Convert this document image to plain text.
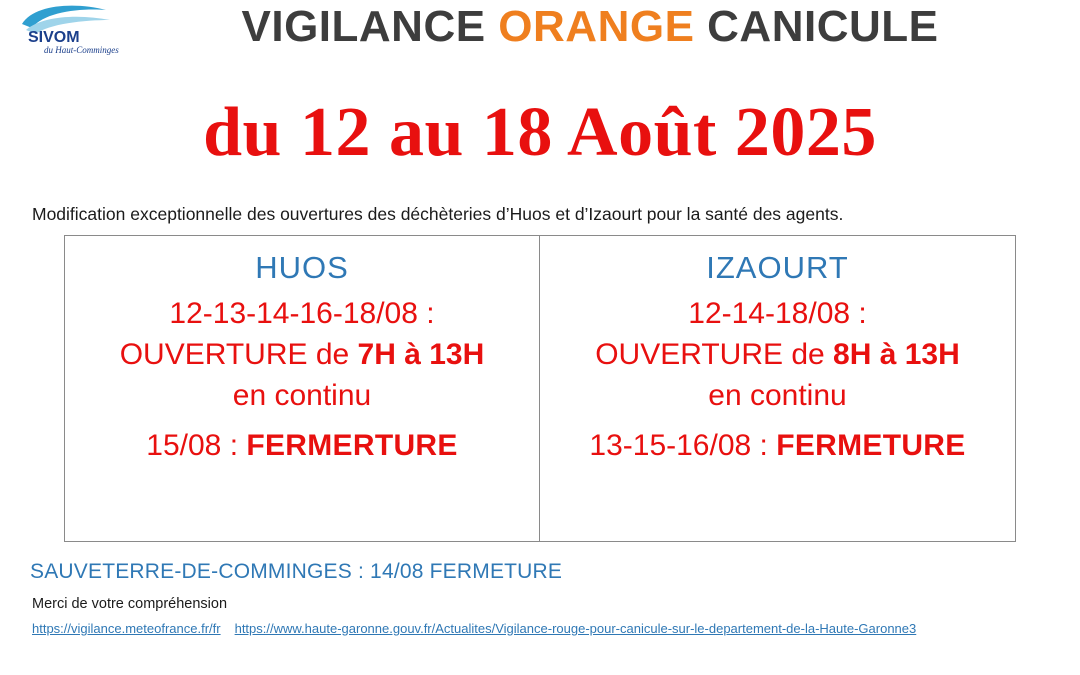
SIVOM
du Haut-Comminges	VIGILANCE ORANGE CANICULE
du 12 au 18 Août 2025
Modification exceptionnelle des ouvertures des déchèteries d’Huos et d’Izaourt pour la santé des agents.
HUOS
12-13-14-16-18/08 :
OUVERTURE de 7H à 13H
en continu
15/08 : FERMERTURE
IZAOURT
12-14-18/08 :
OUVERTURE de 8H à 13H
en continu
13-15-16/08 : FERMETURE
SAUVETERRE-DE-COMMINGES : 14/08 FERMETURE
Merci de votre compréhension
https://vigilance.meteofrance.fr/fr https://www.haute-garonne.gouv.fr/Actualites/Vigilance-rouge-pour-canicule-sur-le-departement-de-la-Haute-Garonne3
